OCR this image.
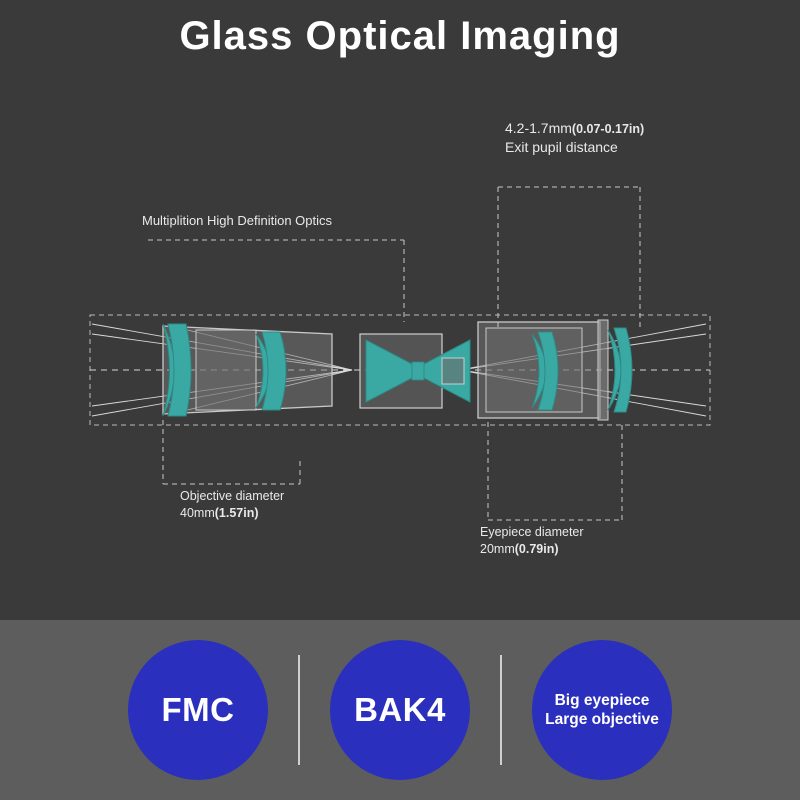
Glass Optical Imaging
4.2-1.7mm(0.07-0.17in)
Exit pupil distance
Multiplition High Definition Optics
Objective diameter
40mm(1.57in)
Eyepiece diameter
20mm(0.79in)
FMC	BAK4	Big eyepiece
Large objective
